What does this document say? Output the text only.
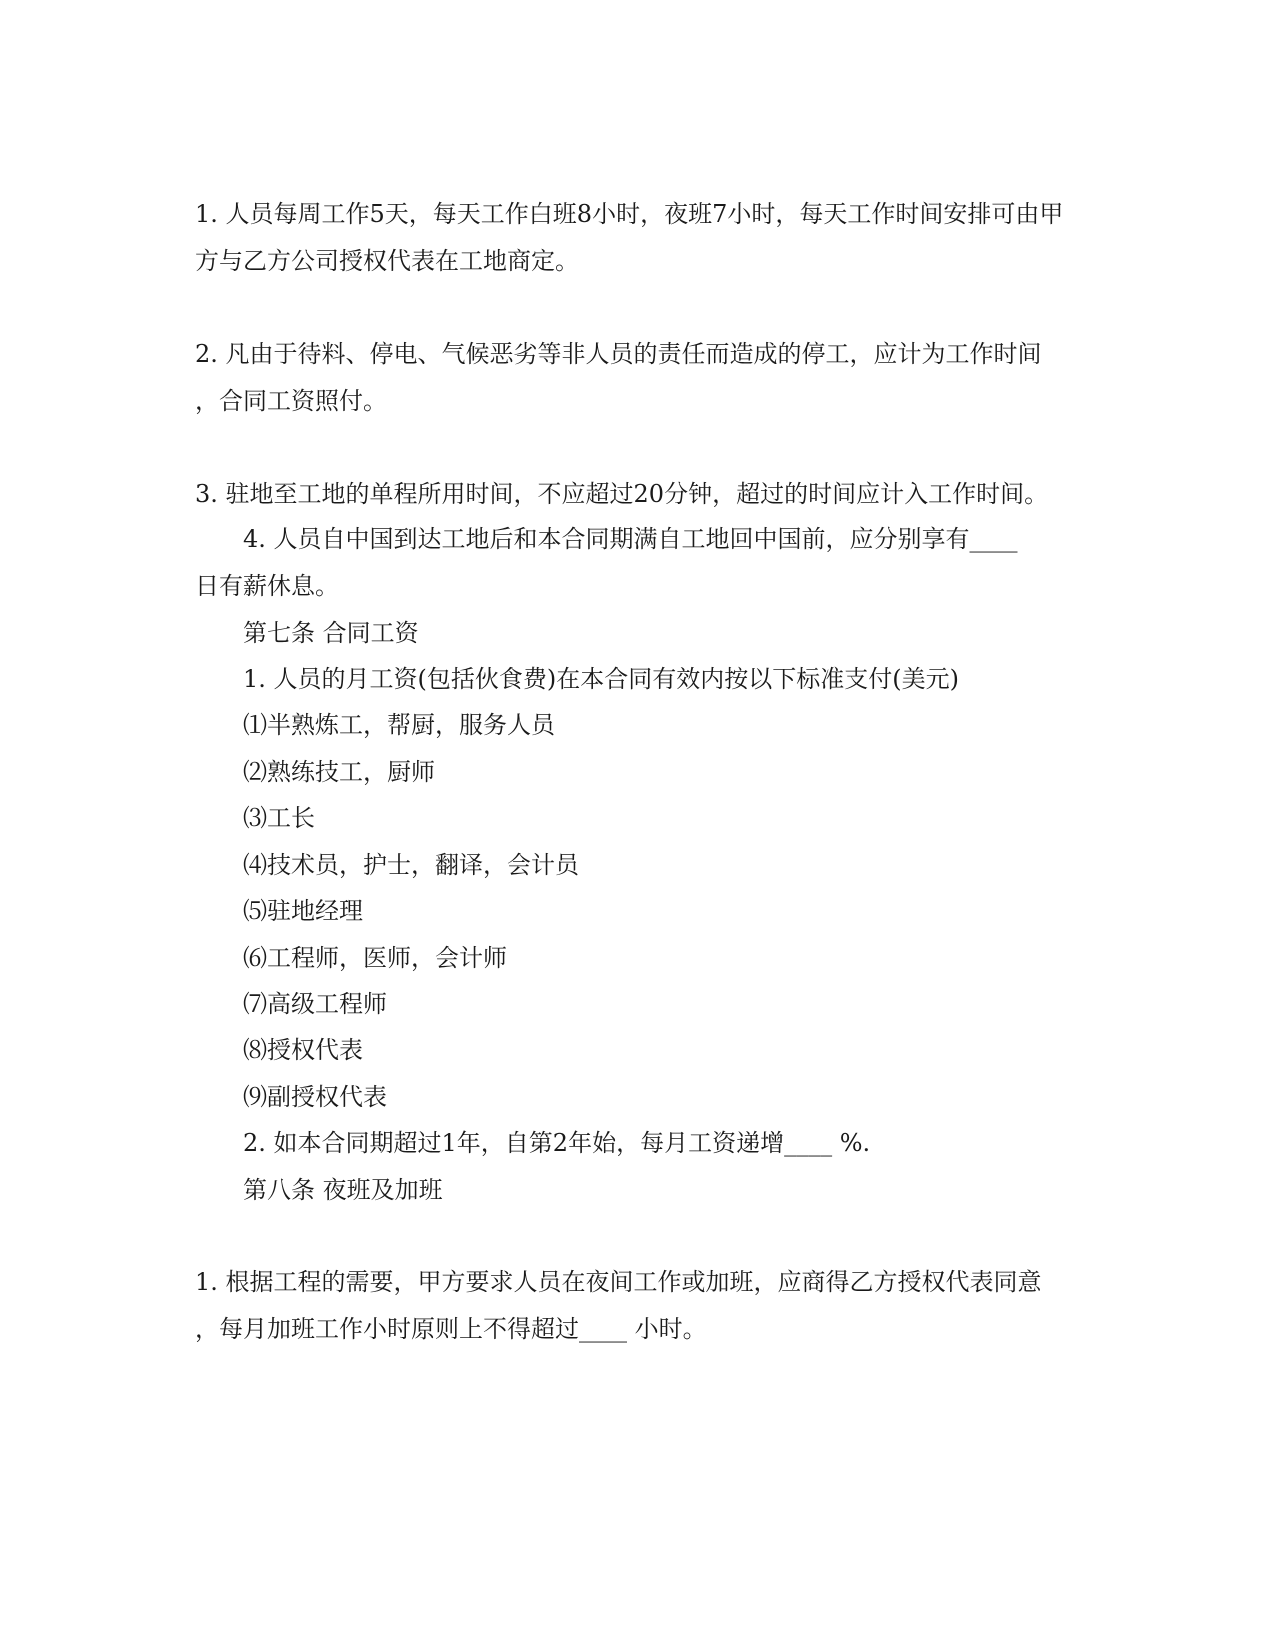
1. 人员每周工作5天，每天工作白班8小时，夜班7小时，每天工作时间安排可由甲
方与乙方公司授权代表在工地商定。
2. 凡由于待料、停电、气候恶劣等非人员的责任而造成的停工，应计为工作时间
，合同工资照付。
3. 驻地至工地的单程所用时间，不应超过20分钟，超过的时间应计入工作时间。
4. 人员自中国到达工地后和本合同期满自工地回中国前，应分别享有____
日有薪休息。
第七条 合同工资
1. 人员的月工资(包括伙食费)在本合同有效内按以下标准支付(美元)
⑴半熟炼工，帮厨，服务人员
⑵熟练技工，厨师
⑶工长
⑷技术员，护士，翻译，会计员
⑸驻地经理
⑹工程师，医师，会计师
⑺高级工程师
⑻授权代表
⑼副授权代表
2. 如本合同期超过1年，自第2年始，每月工资递增____ %.
第八条 夜班及加班
1. 根据工程的需要，甲方要求人员在夜间工作或加班，应商得乙方授权代表同意
，每月加班工作小时原则上不得超过____ 小时。
